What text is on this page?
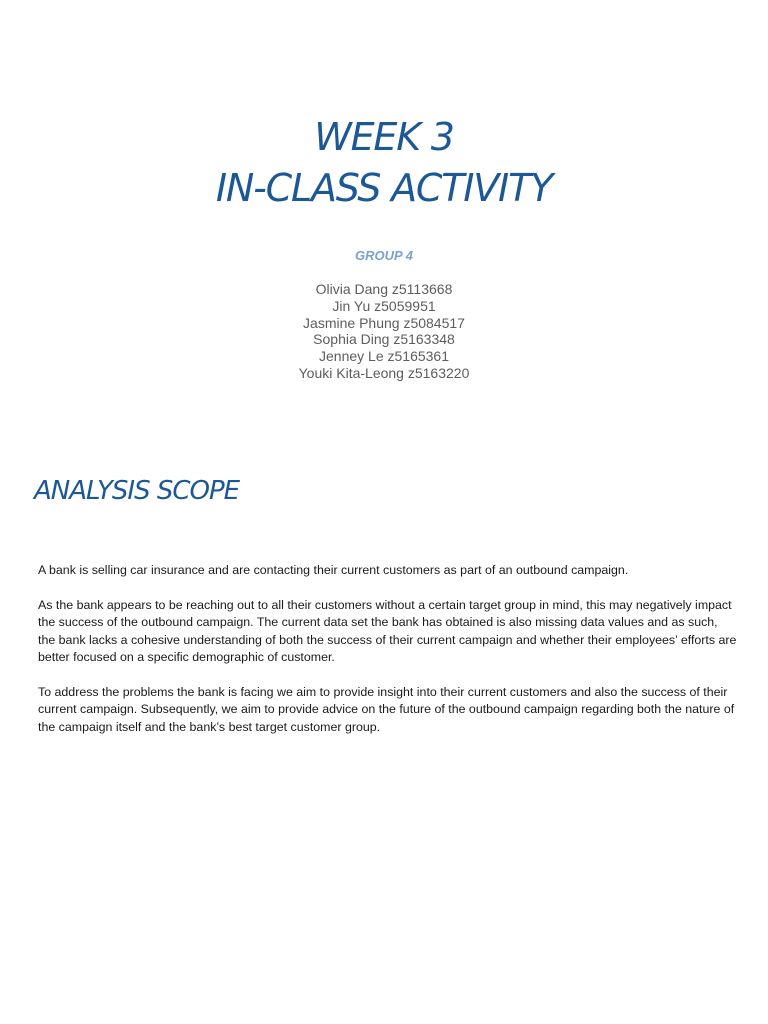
WEEK 3
IN-CLASS ACTIVITY

GROUP 4

Olivia Dang z5113668
Jin Yu z5059951
Jasmine Phung z5084517
Sophia Ding z5163348
Jenney Le z5165361
Youki Kita-Leong z5163220
ANALYSIS SCOPE

A bank is selling car insurance and are contacting their current customers as part of an outbound campaign.

As the bank appears to be reaching out to all their customers without a certain target group in mind, this may negatively impact the success of the outbound campaign. The current data set the bank has obtained is also missing data values and as such, the bank lacks a cohesive understanding of both the success of their current campaign and whether their employees’ efforts are better focused on a specific demographic of customer.

To address the problems the bank is facing we aim to provide insight into their current customers and also the success of their current campaign. Subsequently, we aim to provide advice on the future of the outbound campaign regarding both the nature of the campaign itself and the bank’s best target customer group.
